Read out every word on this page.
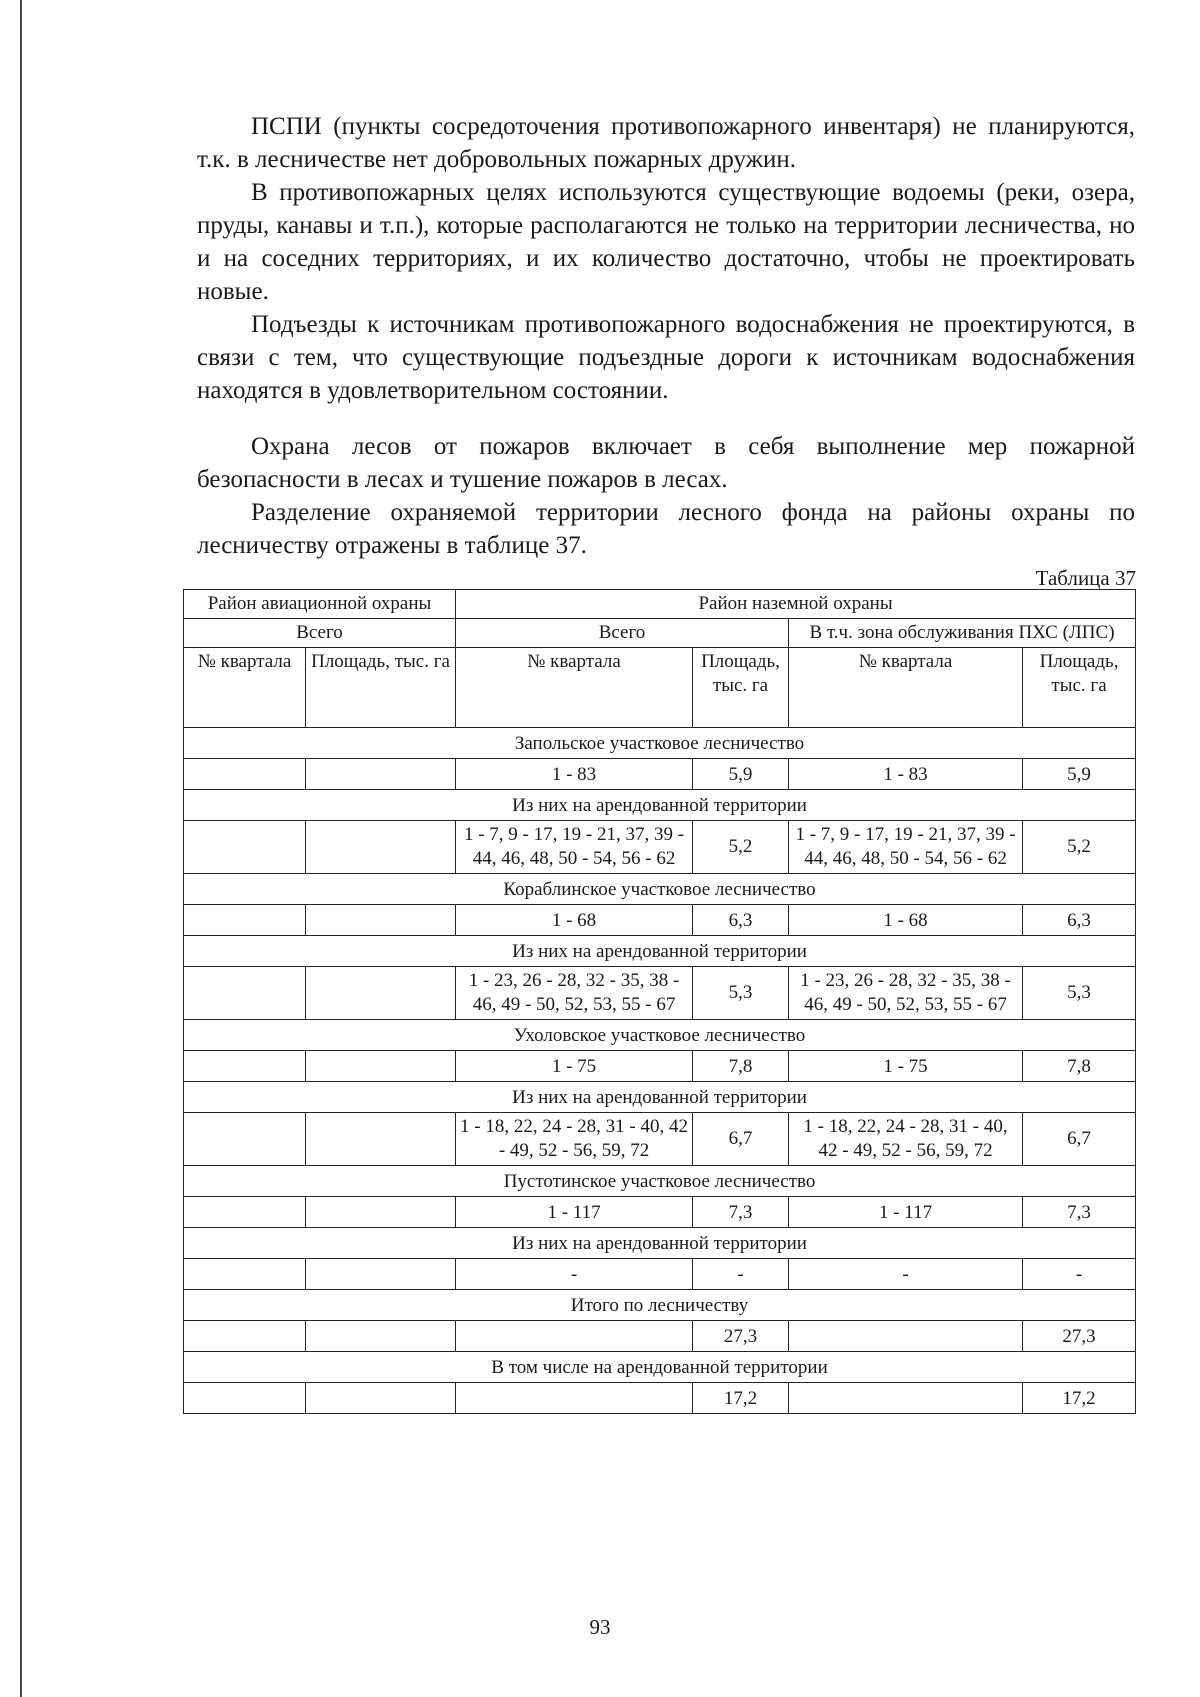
ПСПИ (пункты сосредоточения противопожарного инвентаря) не планируются, т.к. в лесничестве нет добровольных пожарных дружин.

В противопожарных целях используются существующие водоемы (реки, озера, пруды, канавы и т.п.), которые располагаются не только на территории лесничества, но и на соседних территориях, и их количество достаточно, чтобы не проектировать новые.

Подъезды к источникам противопожарного водоснабжения не проектируются, в связи с тем, что существующие подъездные дороги к источникам водоснабжения находятся в удовлетворительном состоянии.

Охрана лесов от пожаров включает в себя выполнение мер пожарной безопасности в лесах и тушение пожаров в лесах.

Разделение охраняемой территории лесного фонда на районы охраны по лесничеству отражены в таблице 37.

Таблица 37
Район авиационной охраны		Район наземной охраны			
Всего		Всего		В т.ч. зона обслуживания ПХС (ЛПС)	
№ квартала	Площадь, тыс. га	№ квартала	Площадь, тыс. га	№ квартала	Площадь, тыс. га
Запольское участковое лесничество					
		1 - 83	5,9	1 - 83	5,9
Из них на арендованной территории					
		1 - 7, 9 - 17, 19 - 21, 37, 39 - 44, 46, 48, 50 - 54, 56 - 62	5,2	1 - 7, 9 - 17, 19 - 21, 37, 39 - 44, 46, 48, 50 - 54, 56 - 62	5,2
Кораблинское участковое лесничество					
		1 - 68	6,3	1 - 68	6,3
Из них на арендованной территории					
		1 - 23, 26 - 28, 32 - 35, 38 - 46, 49 - 50, 52, 53, 55 - 67	5,3	1 - 23, 26 - 28, 32 - 35, 38 - 46, 49 - 50, 52, 53, 55 - 67	5,3
Ухоловское участковое лесничество					
		1 - 75	7,8	1 - 75	7,8
Из них на арендованной территории					
		1 - 18, 22, 24 - 28, 31 - 40, 42 - 49, 52 - 56, 59, 72	6,7	1 - 18, 22, 24 - 28, 31 - 40, 42 - 49, 52 - 56, 59, 72	6,7
Пустотинское участковое лесничество					
		1 - 117	7,3	1 - 117	7,3
Из них на арендованной территории					
		-	-	-	-
Итого по лесничеству					
			27,3		27,3
В том числе на арендованной территории					
			17,2		17,2
93
